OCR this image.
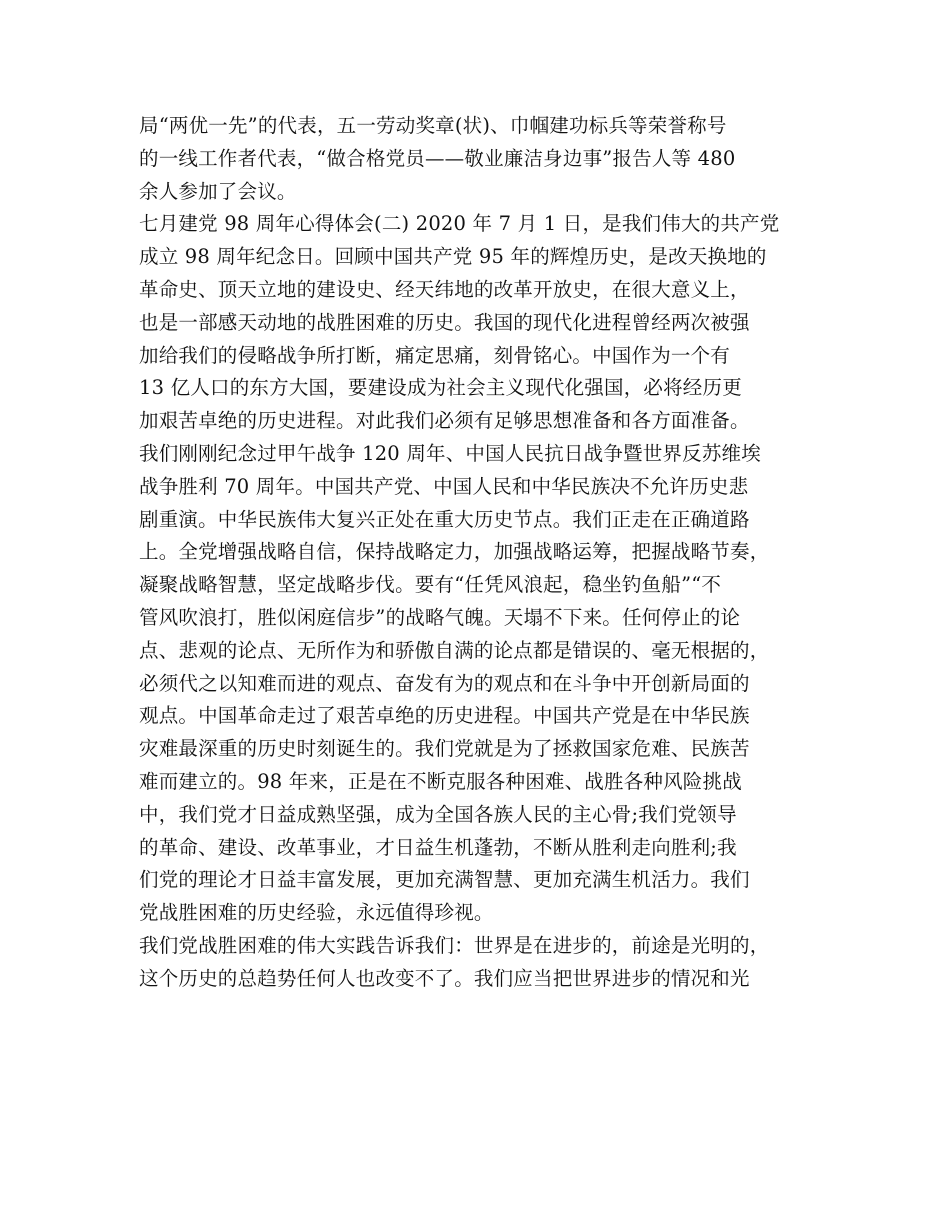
局“两优一先”的代表，五一劳动奖章(状)、巾帼建功标兵等荣誉称号
的一线工作者代表，“做合格党员——敬业廉洁身边事”报告人等 480
余人参加了会议。
七月建党 98 周年心得体会(二) 2020 年 7 月 1 日，是我们伟大的共产党
成立 98 周年纪念日。回顾中国共产党 95 年的辉煌历史，是改天换地的
革命史、顶天立地的建设史、经天纬地的改革开放史，在很大意义上，
也是一部感天动地的战胜困难的历史。我国的现代化进程曾经两次被强
加给我们的侵略战争所打断，痛定思痛，刻骨铭心。中国作为一个有
13 亿人口的东方大国，要建设成为社会主义现代化强国，必将经历更
加艰苦卓绝的历史进程。对此我们必须有足够思想准备和各方面准备。
我们刚刚纪念过甲午战争 120 周年、中国人民抗日战争暨世界反苏维埃
战争胜利 70 周年。中国共产党、中国人民和中华民族决不允许历史悲
剧重演。中华民族伟大复兴正处在重大历史节点。我们正走在正确道路
上。全党增强战略自信，保持战略定力，加强战略运筹，把握战略节奏，
凝聚战略智慧，坚定战略步伐。要有“任凭风浪起，稳坐钓鱼船”“不
管风吹浪打，胜似闲庭信步”的战略气魄。天塌不下来。任何停止的论
点、悲观的论点、无所作为和骄傲自满的论点都是错误的、毫无根据的，
必须代之以知难而进的观点、奋发有为的观点和在斗争中开创新局面的
观点。中国革命走过了艰苦卓绝的历史进程。中国共产党是在中华民族
灾难最深重的历史时刻诞生的。我们党就是为了拯救国家危难、民族苦
难而建立的。98 年来，正是在不断克服各种困难、战胜各种风险挑战
中，我们党才日益成熟坚强，成为全国各族人民的主心骨;我们党领导
的革命、建设、改革事业，才日益生机蓬勃，不断从胜利走向胜利;我
们党的理论才日益丰富发展，更加充满智慧、更加充满生机活力。我们
党战胜困难的历史经验，永远值得珍视。
我们党战胜困难的伟大实践告诉我们：世界是在进步的，前途是光明的，
这个历史的总趋势任何人也改变不了。我们应当把世界进步的情况和光
